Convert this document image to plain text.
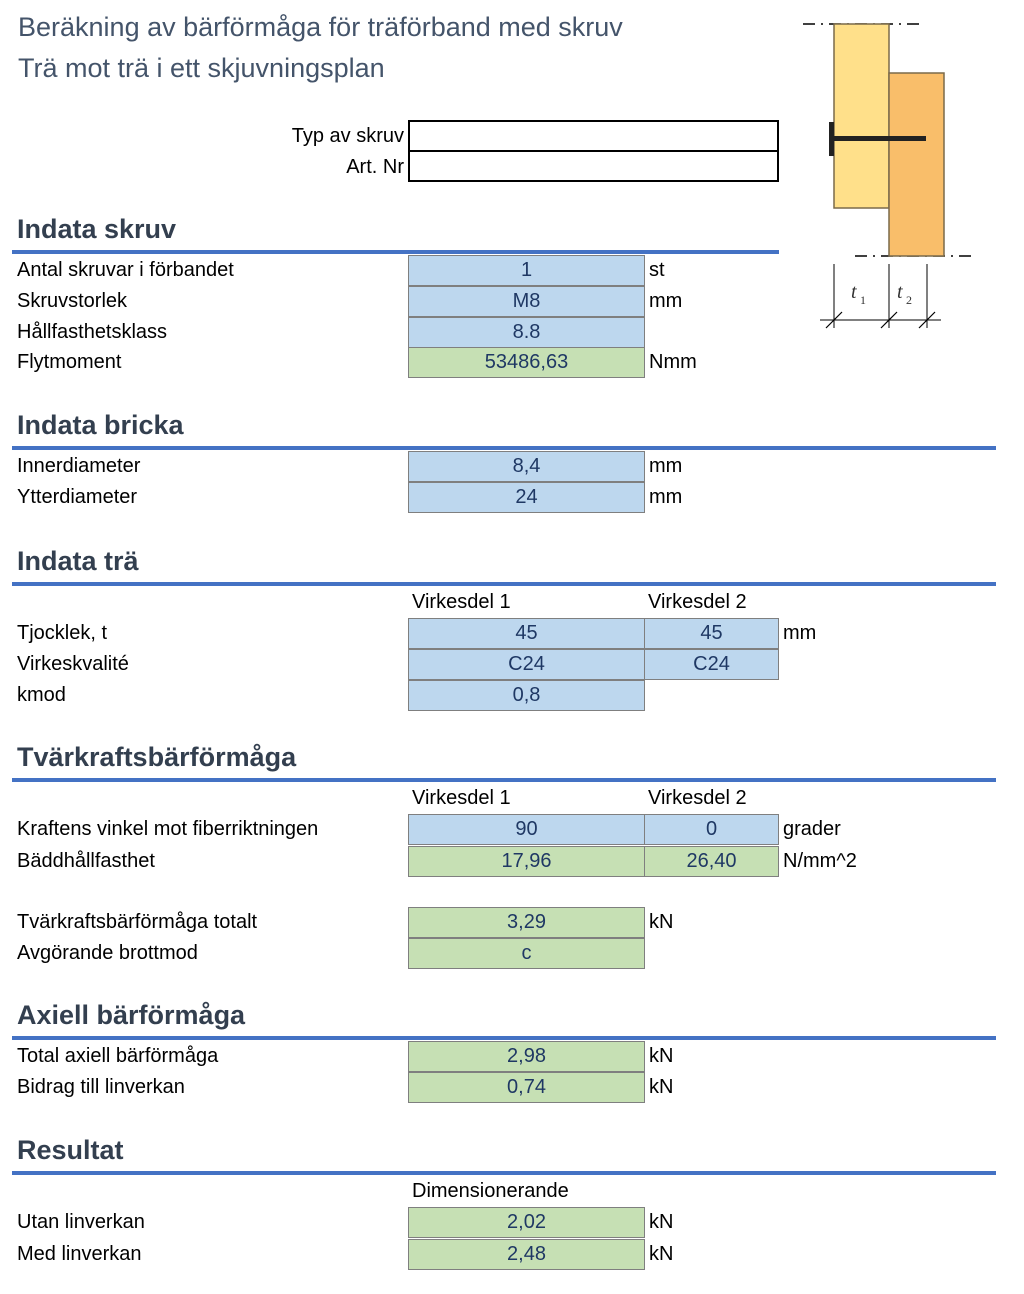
Beräkning av bärförmåga för träförband med skruv
Trä mot trä i ett skjuvningsplan
Typ av skruv
Art. Nr
t 1 t 2
Indata skruv
Antal skruvar i förbandet	1	st
Skruvstorlek	M8	mm
Hållfasthetsklass	8.8
Flytmoment	53486,63	Nmm
Indata bricka
Innerdiameter	8,4	mm
Ytterdiameter	24	mm
Indata trä
Virkesdel 1	Virkesdel 2
Tjocklek, t	45	45	mm
Virkeskvalité	C24	C24
kmod	0,8
Tvärkraftsbärförmåga
Virkesdel 1	Virkesdel 2
Kraftens vinkel mot fiberriktningen	90	0	grader
Bäddhållfasthet	17,96	26,40	N/mm^2
Tvärkraftsbärförmåga totalt	3,29	kN
Avgörande brottmod	c
Axiell bärförmåga
Total axiell bärförmåga	2,98	kN
Bidrag till linverkan	0,74	kN
Resultat
Dimensionerande
Utan linverkan	2,02	kN
Med linverkan	2,48	kN
